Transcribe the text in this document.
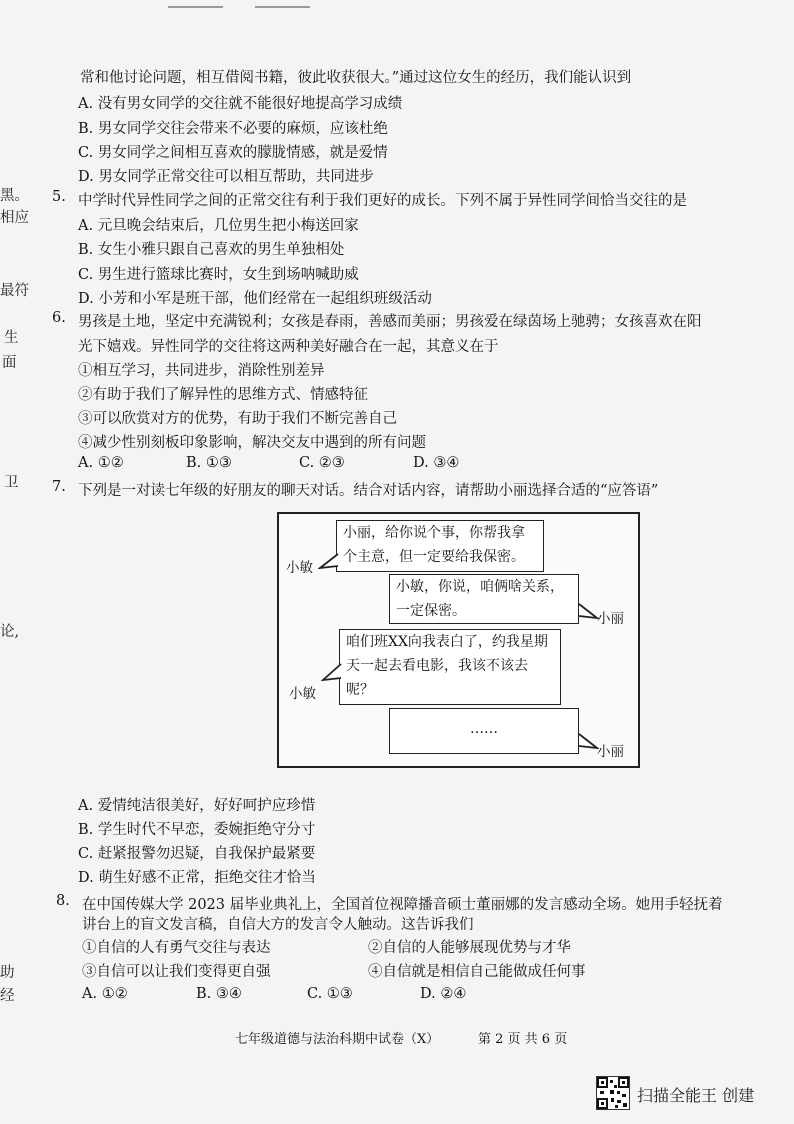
黑。
相应
最符
生
面
卫
论,
助
经
常和他讨论问题，相互借阅书籍，彼此收获很大。”通过这位女生的经历，我们能认识到
A. 没有男女同学的交往就不能很好地提高学习成绩
B. 男女同学交往会带来不必要的麻烦，应该杜绝
C. 男女同学之间相互喜欢的朦胧情感，就是爱情
D. 男女同学正常交往可以相互帮助，共同进步
5. 中学时代异性同学之间的正常交往有利于我们更好的成长。下列不属于异性同学间恰当交往的是
A. 元旦晚会结束后，几位男生把小梅送回家
B. 女生小雅只跟自己喜欢的男生单独相处
C. 男生进行篮球比赛时，女生到场呐喊助威
D. 小芳和小军是班干部，他们经常在一起组织班级活动
6. 男孩是土地，坚定中充满锐利；女孩是春雨，善感而美丽；男孩爱在绿茵场上驰骋；女孩喜欢在阳
光下嬉戏。异性同学的交往将这两种美好融合在一起，其意义在于
①相互学习，共同进步，消除性别差异
②有助于我们了解异性的思维方式、情感特征
③可以欣赏对方的优势，有助于我们不断完善自己
④减少性别刻板印象影响，解决交友中遇到的所有问题
A. ①②	B. ①③	C. ②③	D. ③④
7. 下列是一对读七年级的好朋友的聊天对话。结合对话内容，请帮助小丽选择合适的“应答语”
小丽，给你说个事，你帮我拿个主意，但一定要给我保密。
小敏
小敏，你说，咱俩啥关系，一定保密。	小丽
咱们班XX向我表白了，约我星期天一起去看电影，我该不该去呢？
小敏
……
小丽
A. 爱情纯洁很美好，好好呵护应珍惜
B. 学生时代不早恋，委婉拒绝守分寸
C. 赶紧报警勿迟疑，自我保护最紧要
D. 萌生好感不正常，拒绝交往才恰当
8. 在中国传媒大学 2023 届毕业典礼上，全国首位视障播音硕士董丽娜的发言感动全场。她用手轻抚着
讲台上的盲文发言稿，自信大方的发言令人触动。这告诉我们
①自信的人有勇气交往与表达	②自信的人能够展现优势与才华
③自信可以让我们变得更自强	④自信就是相信自己能做成任何事
A. ①②	B. ③④	C. ①③	D. ②④
七年级道德与法治科期中试卷（X）	第 2 页 共 6 页
扫描全能王 创建
